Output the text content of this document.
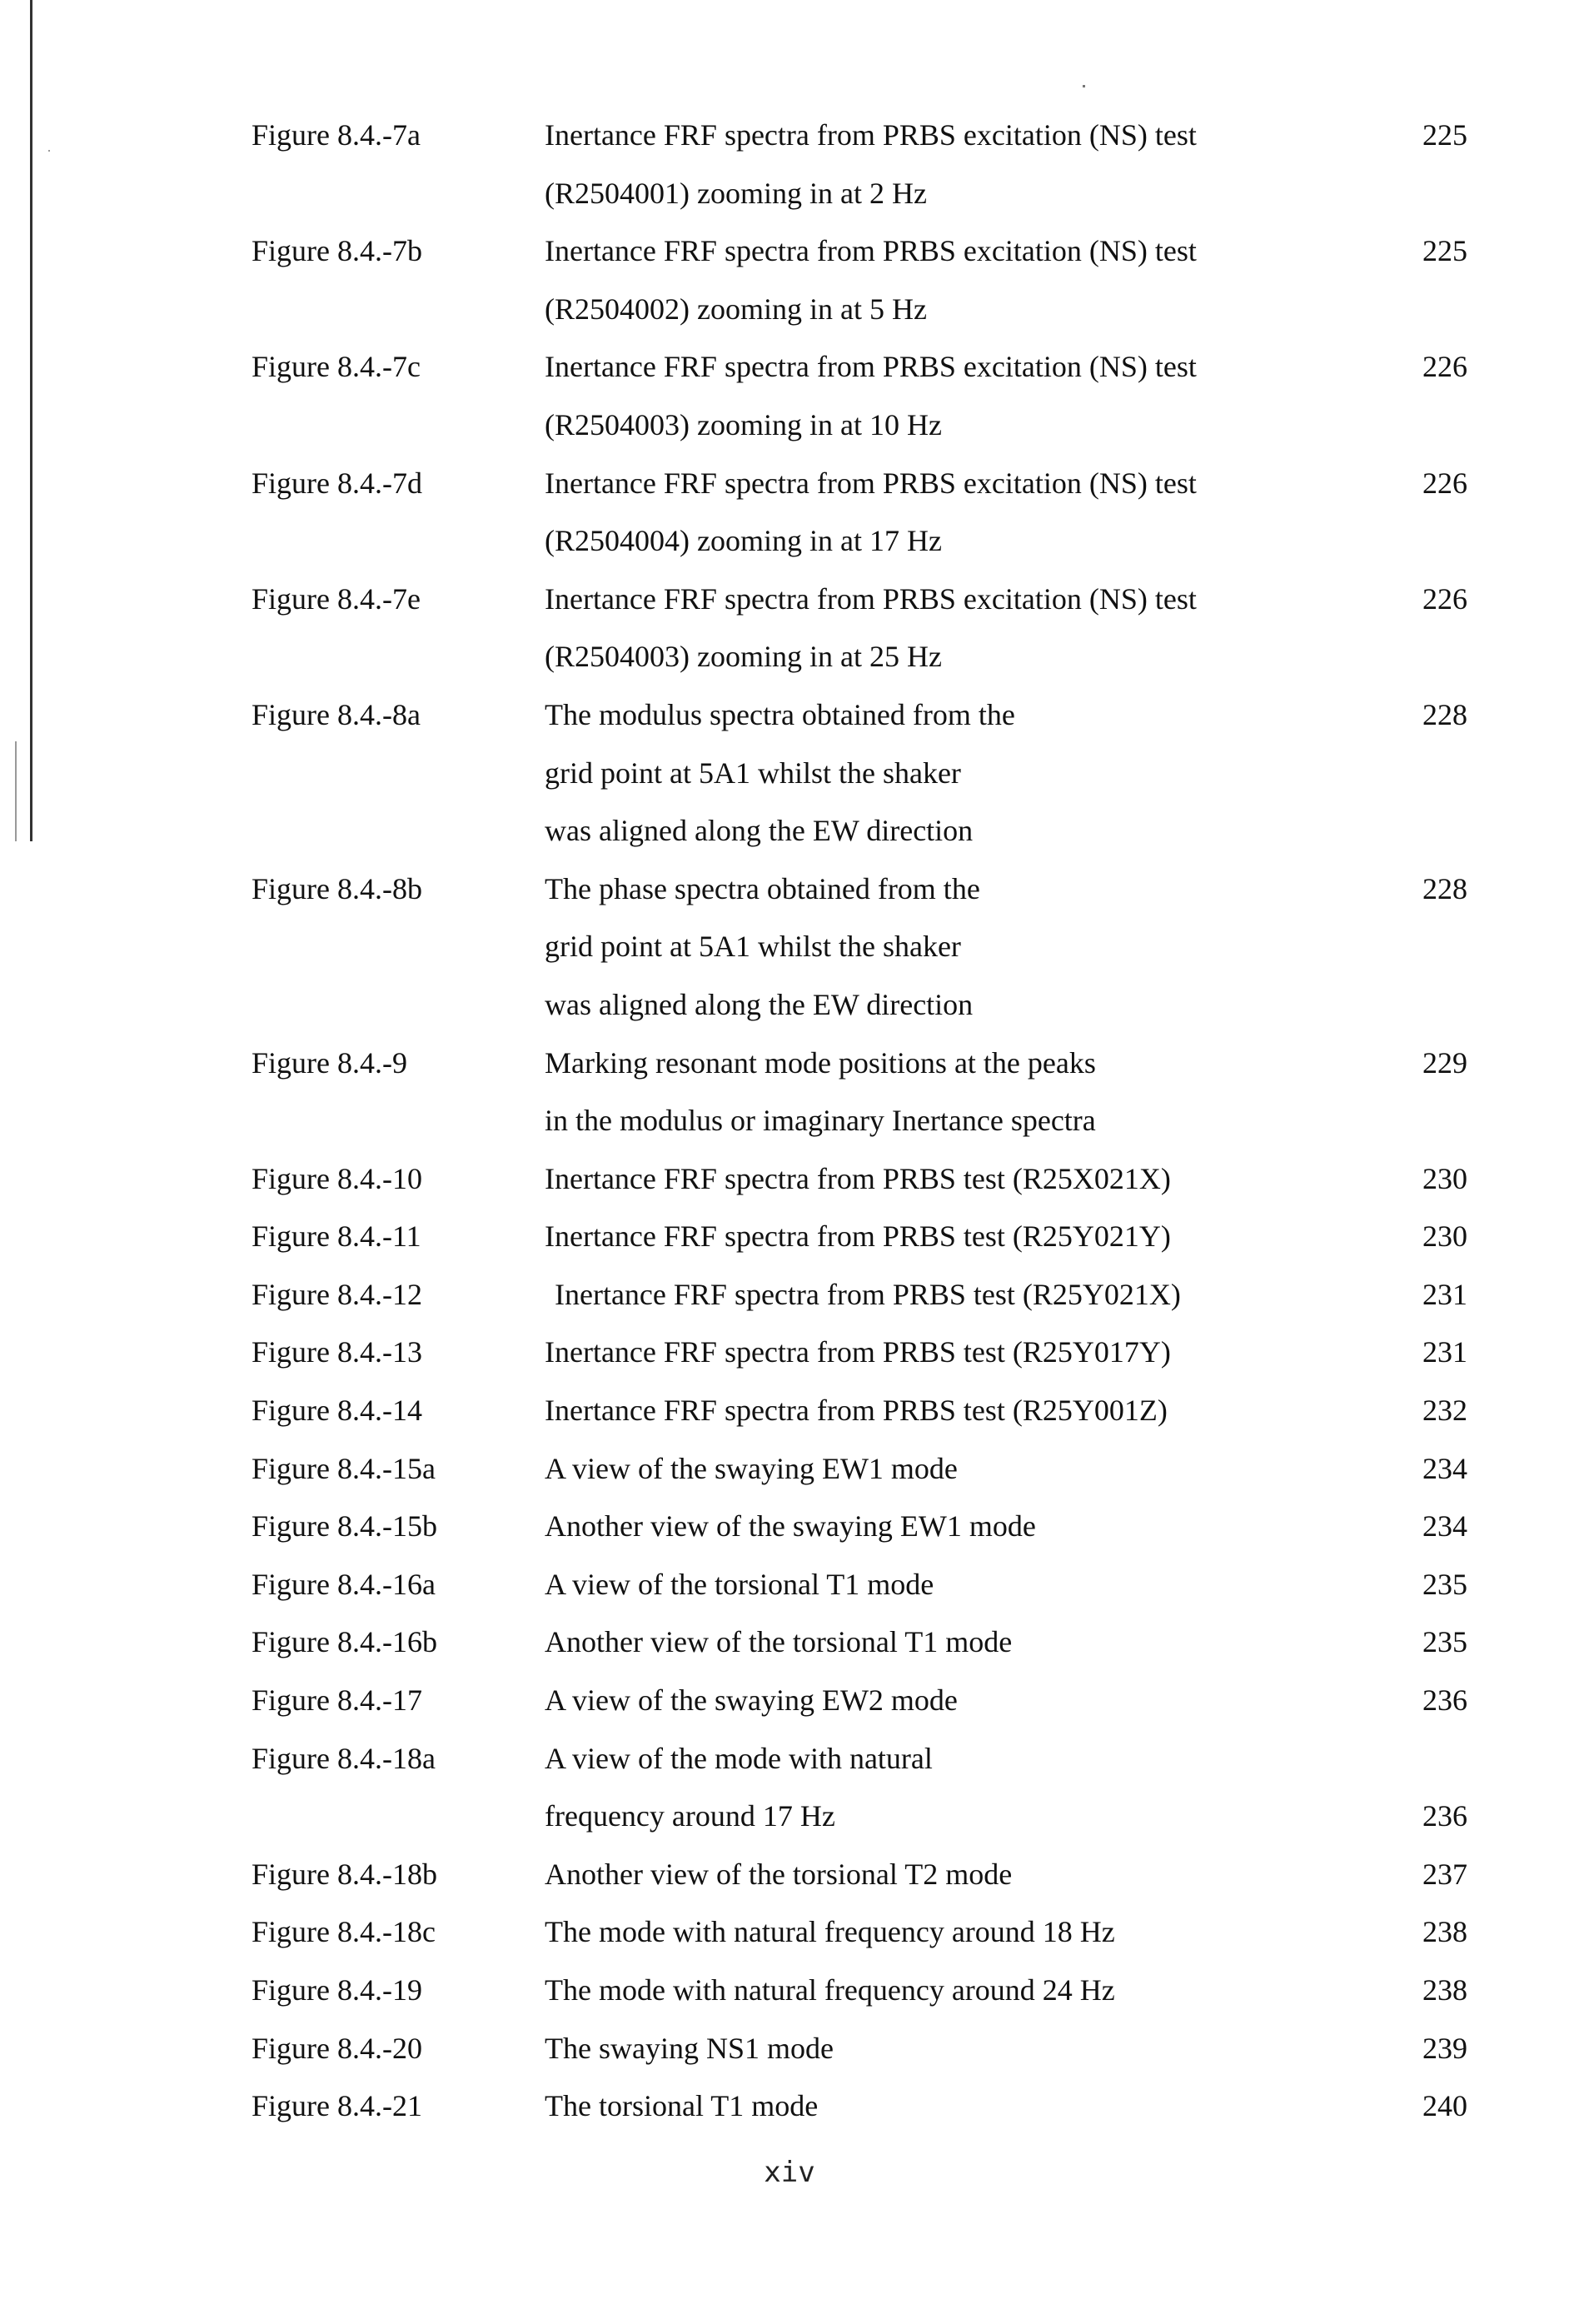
Figure 8.4.-7a	Inertance FRF spectra from PRBS excitation (NS) test	225
(R2504001) zooming in at 2 Hz
Figure 8.4.-7b	Inertance FRF spectra from PRBS excitation (NS) test	225
(R2504002) zooming in at 5 Hz
Figure 8.4.-7c	Inertance FRF spectra from PRBS excitation (NS) test	226
(R2504003) zooming in at 10 Hz
Figure 8.4.-7d	Inertance FRF spectra from PRBS excitation (NS) test	226
(R2504004) zooming in at 17 Hz
Figure 8.4.-7e	Inertance FRF spectra from PRBS excitation (NS) test	226
(R2504003) zooming in at 25 Hz
Figure 8.4.-8a	The modulus spectra obtained from the	228
grid point at 5A1 whilst the shaker
was aligned along the EW direction
Figure 8.4.-8b	The phase spectra obtained from the	228
grid point at 5A1 whilst the shaker
was aligned along the EW direction
Figure 8.4.-9	Marking resonant mode positions at the peaks	229
in the modulus or imaginary Inertance spectra
Figure 8.4.-10	Inertance FRF spectra from PRBS test (R25X021X)	230
Figure 8.4.-11	Inertance FRF spectra from PRBS test (R25Y021Y)	230
Figure 8.4.-12	Inertance FRF spectra from PRBS test (R25Y021X)	231
Figure 8.4.-13	Inertance FRF spectra from PRBS test (R25Y017Y)	231
Figure 8.4.-14	Inertance FRF spectra from PRBS test (R25Y001Z)	232
Figure 8.4.-15a	A view of the swaying EW1 mode	234
Figure 8.4.-15b	Another view of the swaying EW1 mode	234
Figure 8.4.-16a	A view of the torsional T1 mode	235
Figure 8.4.-16b	Another view of the torsional T1 mode	235
Figure 8.4.-17	A view of the swaying EW2 mode	236
Figure 8.4.-18a	A view of the mode with natural
frequency around 17 Hz	236
Figure 8.4.-18b	Another view of the torsional T2 mode	237
Figure 8.4.-18c	The mode with natural frequency around 18 Hz	238
Figure 8.4.-19	The mode with natural frequency around 24 Hz	238
Figure 8.4.-20	The swaying NS1 mode	239
Figure 8.4.-21	The torsional T1 mode	240
xiv
